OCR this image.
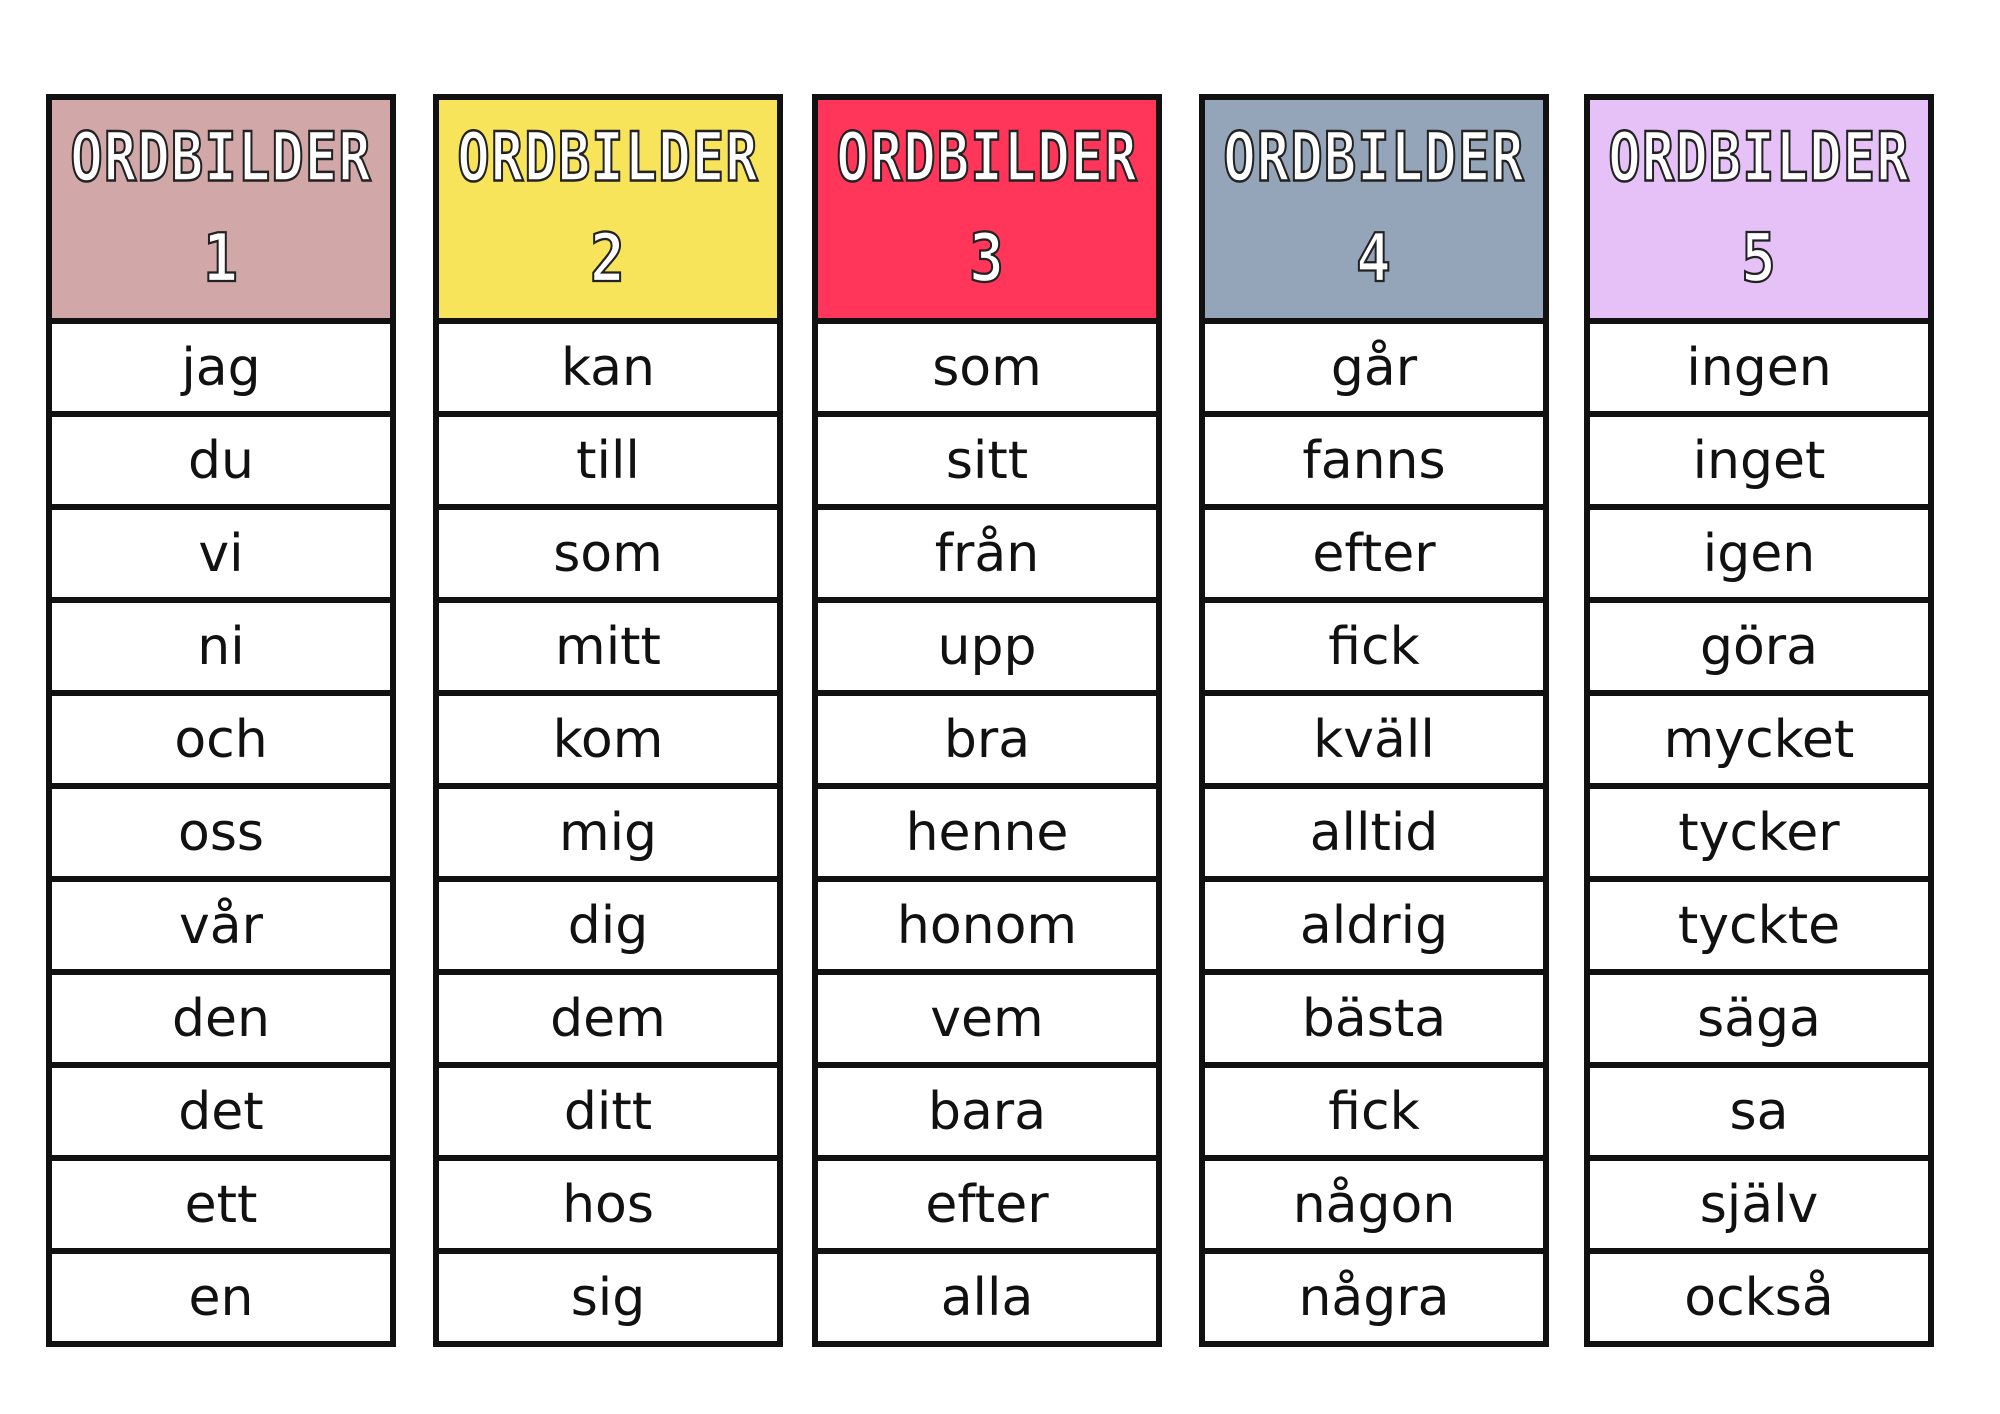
ORDBILDER
1
jag
du
vi
ni
och
oss
vår
den
det
ett
en
ORDBILDER
2
kan
till
som
mitt
kom
mig
dig
dem
ditt
hos
sig
ORDBILDER
3
som
sitt
från
upp
bra
henne
honom
vem
bara
efter
alla
ORDBILDER
4
går
fanns
efter
fick
kväll
alltid
aldrig
bästa
fick
någon
några
ORDBILDER
5
ingen
inget
igen
göra
mycket
tycker
tyckte
säga
sa
själv
också
